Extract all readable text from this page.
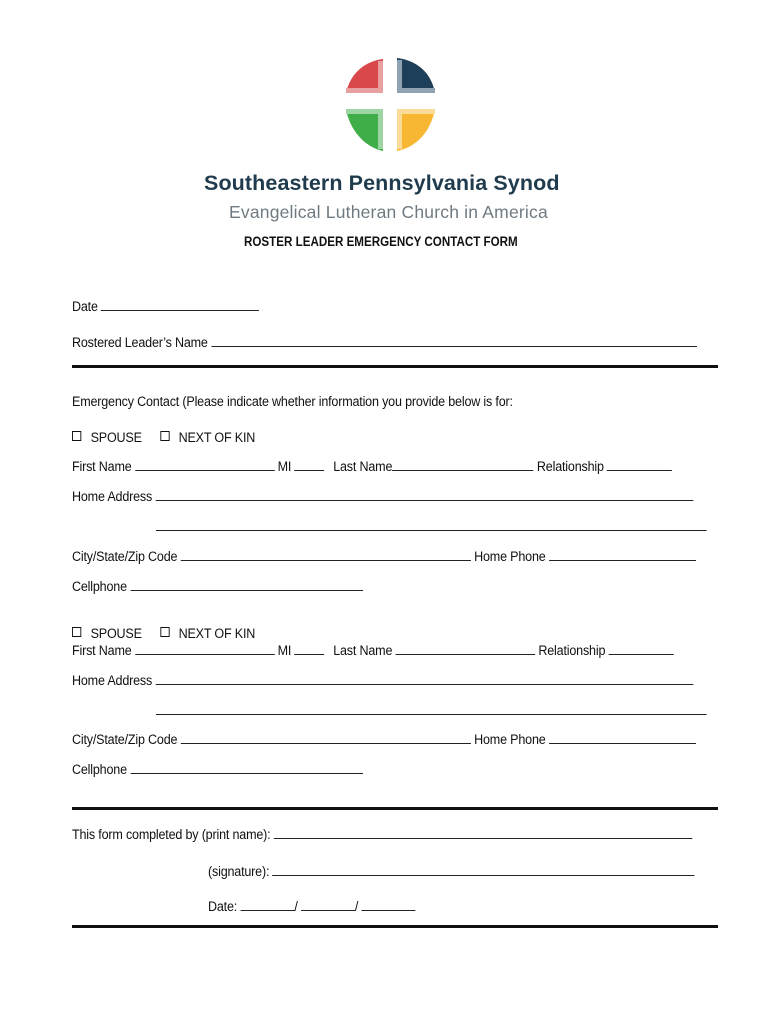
Southeastern Pennsylvania Synod
Evangelical Lutheran Church in America
ROSTER LEADER EMERGENCY CONTACT FORM
Date
Rostered Leader’s Name
Emergency Contact (Please indicate whether information you provide below is for:
SPOUSE	NEXT OF KIN
First Name	MI	Last Name	Relationship
Home Address
City/State/Zip Code	Home Phone
Cellphone
SPOUSE	NEXT OF KIN
First Name	MI	Last Name	Relationship
Home Address
City/State/Zip Code	Home Phone
Cellphone
This form completed by (print name):
(signature):
Date:	/	/
